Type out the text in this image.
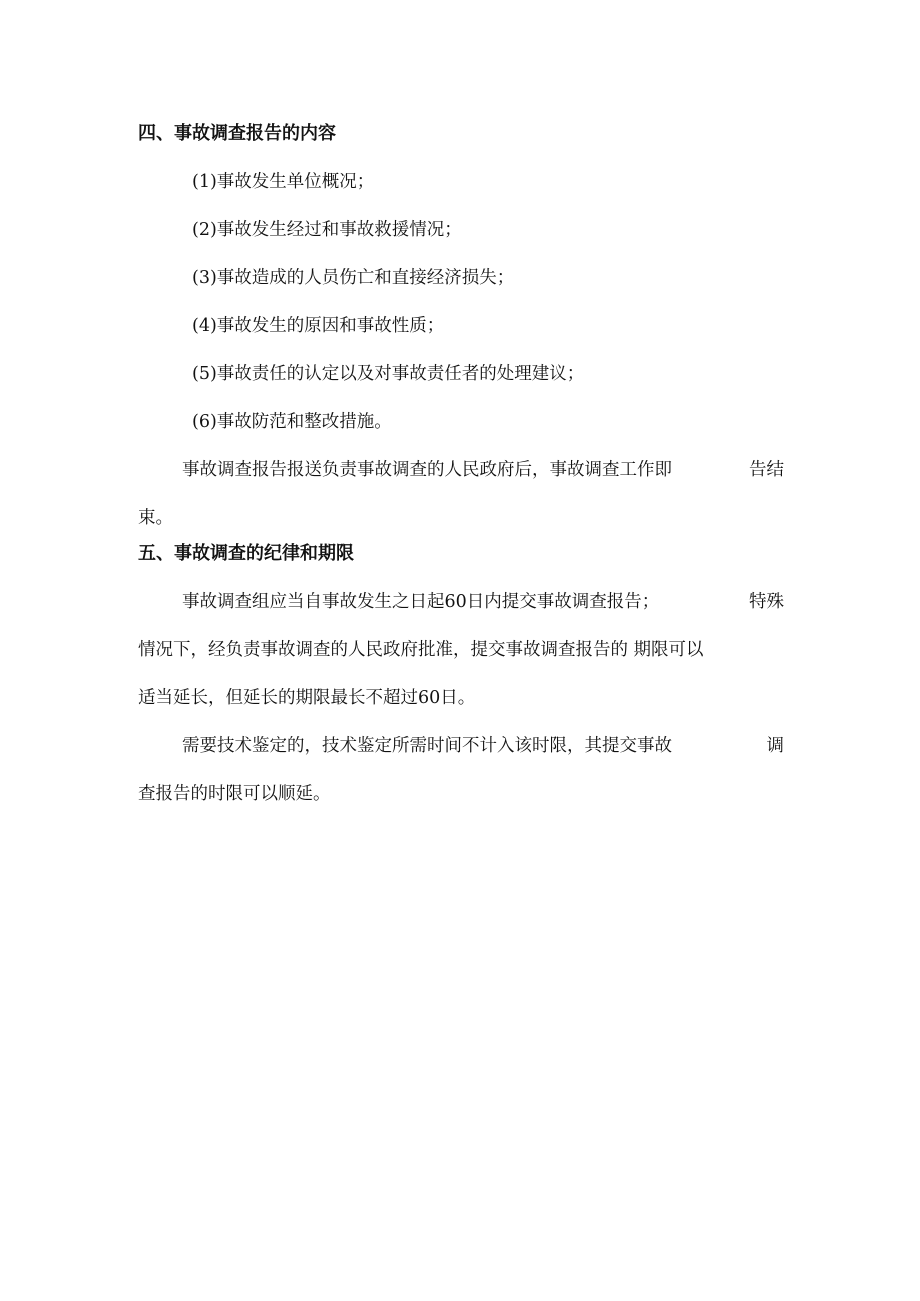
四、事故调查报告的内容
(1)事故发生单位概况；
(2)事故发生经过和事故救援情况；
(3)事故造成的人员伤亡和直接经济损失；
(4)事故发生的原因和事故性质；
(5)事故责任的认定以及对事故责任者的处理建议；
(6)事故防范和整改措施。
事故调查报告报送负责事故调查的人民政府后，事故调查工作即	告结
束。
五、事故调查的纪律和期限
事故调查组应当自事故发生之日起60日内提交事故调查报告；	特殊
情况下，经负责事故调查的人民政府批准，提交事故调查报告的 期限可以
适当延长，但延长的期限最长不超过60日。
需要技术鉴定的，技术鉴定所需时间不计入该时限，其提交事故	调
查报告的时限可以顺延。
